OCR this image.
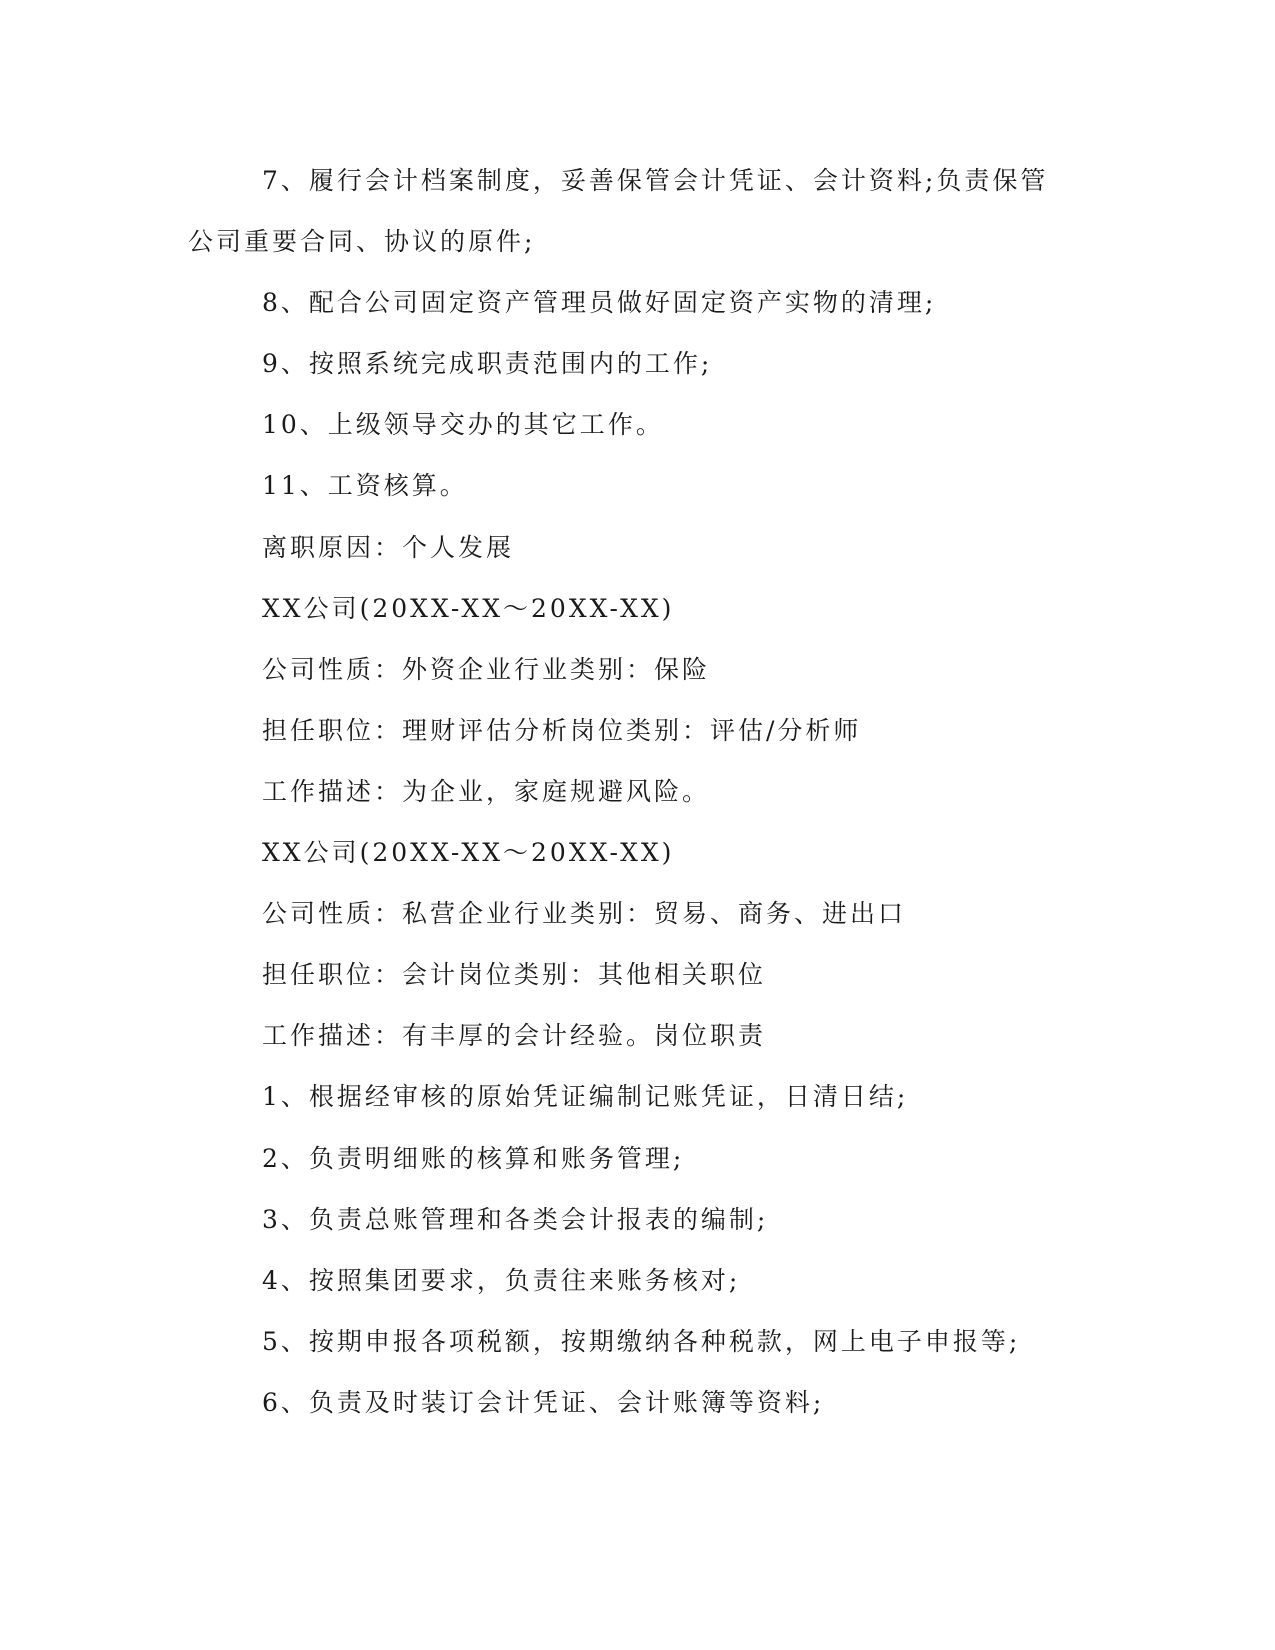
7、履行会计档案制度，妥善保管会计凭证、会计资料;负责保管
公司重要合同、协议的原件;
8、配合公司固定资产管理员做好固定资产实物的清理;
9、按照系统完成职责范围内的工作;
10、上级领导交办的其它工作。
11、工资核算。
离职原因：个人发展
XX公司(20XX-XX～20XX-XX)
公司性质：外资企业行业类别：保险
担任职位：理财评估分析岗位类别：评估/分析师
工作描述：为企业，家庭规避风险。
XX公司(20XX-XX～20XX-XX)
公司性质：私营企业行业类别：贸易、商务、进出口
担任职位：会计岗位类别：其他相关职位
工作描述：有丰厚的会计经验。岗位职责
1、根据经审核的原始凭证编制记账凭证，日清日结;
2、负责明细账的核算和账务管理;
3、负责总账管理和各类会计报表的编制;
4、按照集团要求，负责往来账务核对;
5、按期申报各项税额，按期缴纳各种税款，网上电子申报等;
6、负责及时装订会计凭证、会计账簿等资料;
